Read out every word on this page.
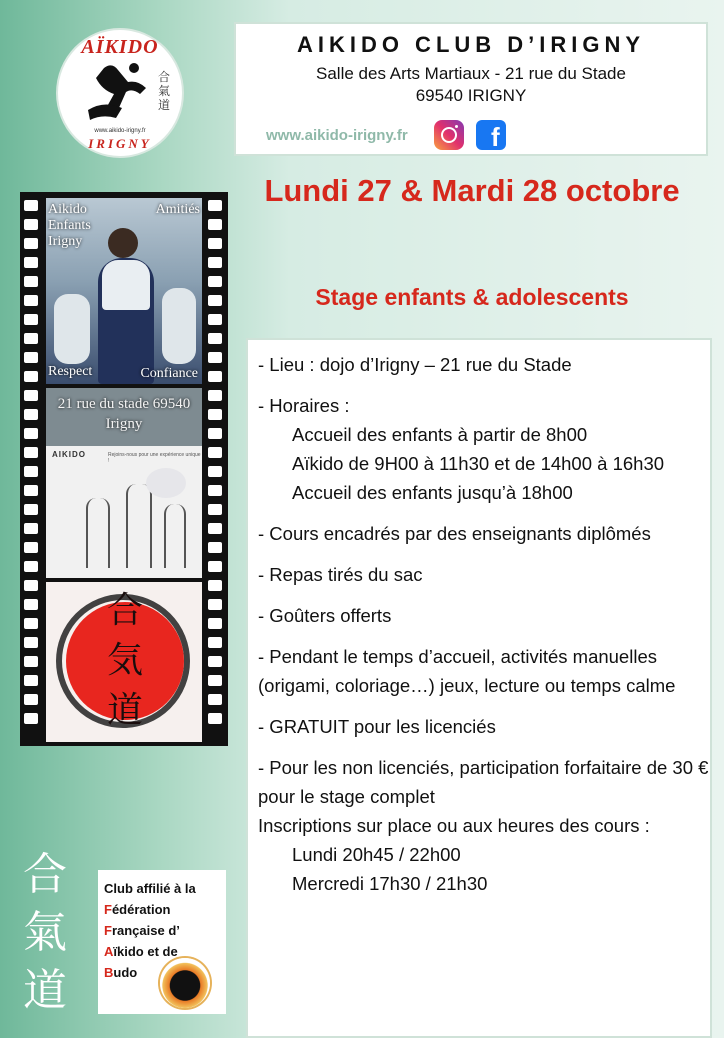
AÏKIDO
合氣道
www.aikido-irigny.fr
IRIGNY
AIKIDO CLUB D’IRIGNY
Salle des Arts Martiaux - 21 rue du Stade
69540 IRIGNY
www.aikido-irigny.fr	f
Aikido Enfants Irigny
Amitiés
Respect	Confiance
21 rue du stade 69540 Irigny
AIKIDO	Rejoins-nous pour une expérience unique !
合気道
Lundi 27 & Mardi 28 octobre
Stage enfants & adolescents

- Lieu : dojo d’Irigny – 21 rue du Stade

- Horaires :

Accueil des enfants à partir de 8h00
Aïkido de 9H00 à 11h30 et de 14h00 à 16h30
Accueil des enfants jusqu’à 18h00

- Cours encadrés par des enseignants diplômés

- Repas tirés du sac

- Goûters offerts

- Pendant le temps d’accueil, activités manuelles (origami, coloriage…) jeux, lecture ou temps calme

- GRATUIT pour les licenciés

- Pour les non licenciés, participation forfaitaire de 30 € pour le stage complet

Inscriptions sur place ou aux heures des cours :

Lundi 20h45 / 22h00

Mercredi 17h30 / 21h30

合
氣
道
Club affilié à la
Fédération
Française d’
Aïkido et de
Budo
